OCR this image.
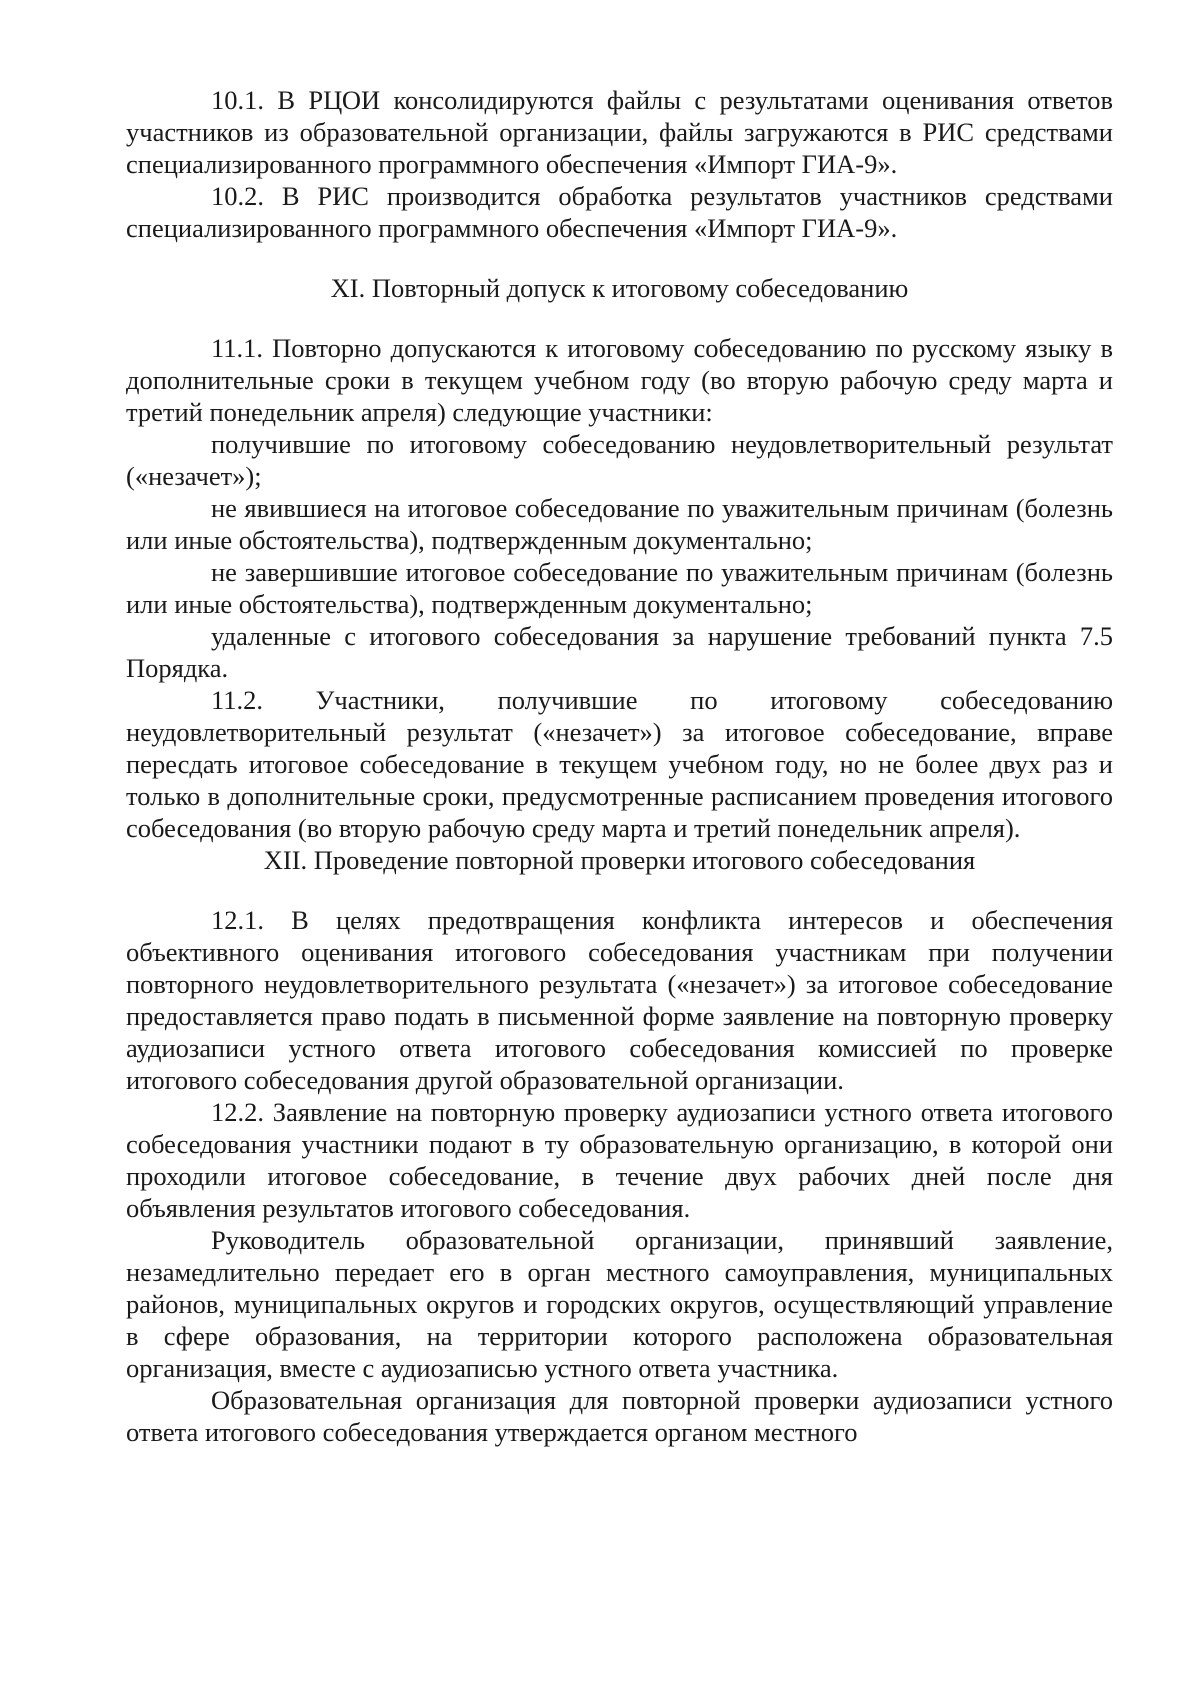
10.1. В РЦОИ консолидируются файлы с результатами оценивания ответов участников из образовательной организации, файлы загружаются в РИС средствами специализированного программного обеспечения «Импорт ГИА-9».

10.2. В РИС производится обработка результатов участников средствами специализированного программного обеспечения «Импорт ГИА-9».

XI. Повторный допуск к итоговому собеседованию

11.1. Повторно допускаются к итоговому собеседованию по русскому языку в дополнительные сроки в текущем учебном году (во вторую рабочую среду марта и третий понедельник апреля) следующие участники:

получившие по итоговому собеседованию неудовлетворительный результат («незачет»);

не явившиеся на итоговое собеседование по уважительным причинам (болезнь или иные обстоятельства), подтвержденным документально;

не завершившие итоговое собеседование по уважительным причинам (болезнь или иные обстоятельства), подтвержденным документально;

удаленные с итогового собеседования за нарушение требований пункта 7.5 Порядка.

11.2. Участники, получившие по итоговому собеседованию неудовлетворительный результат («незачет») за итоговое собеседование, вправе пересдать итоговое собеседование в текущем учебном году, но не более двух раз и только в дополнительные сроки, предусмотренные расписанием проведения итогового собеседования (во вторую рабочую среду марта и третий понедельник апреля).

XII. Проведение повторной проверки итогового собеседования

12.1. В целях предотвращения конфликта интересов и обеспечения объективного оценивания итогового собеседования участникам при получении повторного неудовлетворительного результата («незачет») за итоговое собеседование предоставляется право подать в письменной форме заявление на повторную проверку аудиозаписи устного ответа итогового собеседования комиссией по проверке итогового собеседования другой образовательной организации.

12.2. Заявление на повторную проверку аудиозаписи устного ответа итогового собеседования участники подают в ту образовательную организацию, в которой они проходили итоговое собеседование, в течение двух рабочих дней после дня объявления результатов итогового собеседования.

Руководитель образовательной организации, принявший заявление, незамедлительно передает его в орган местного самоуправления, муниципальных районов, муниципальных округов и городских округов, осуществляющий управление в сфере образования, на территории которого расположена образовательная организация, вместе с аудиозаписью устного ответа участника.

Образовательная организация для повторной проверки аудиозаписи устного ответа итогового собеседования утверждается органом местного
